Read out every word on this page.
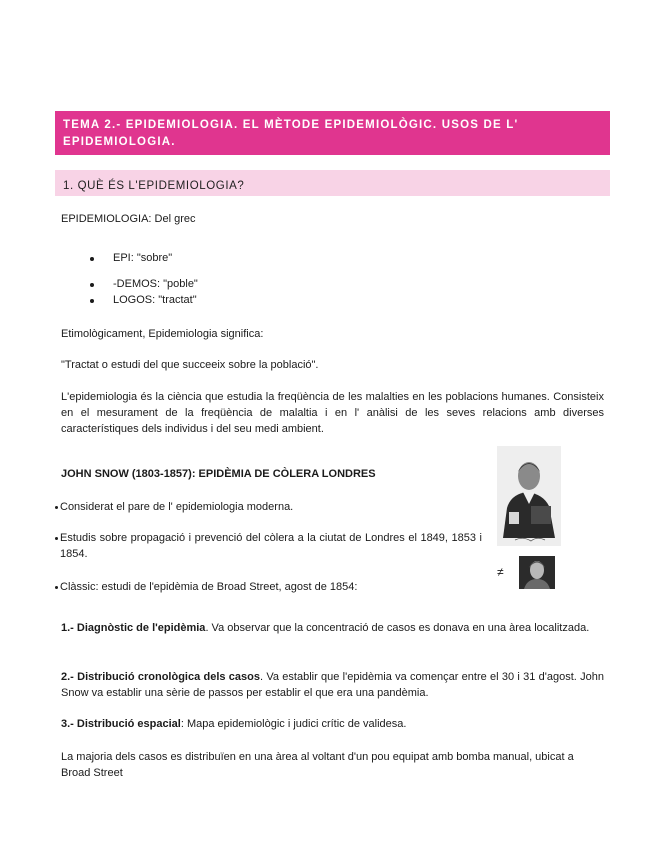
TEMA 2.- EPIDEMIOLOGIA. EL MÈTODE EPIDEMIOLÒGIC. USOS DE L'
EPIDEMIOLOGIA.
1. QUÈ ÉS L'EPIDEMIOLOGIA?
EPIDEMIOLOGIA: Del grec
EPI: "sobre"
-DEMOS: "poble"
LOGOS: "tractat"
Etimològicament, Epidemiologia significa:
"Tractat o estudi del que succeeix sobre la població".
L'epidemiologia és la ciència que estudia la freqüència de les malalties en les poblacions humanes. Consisteix en el mesurament de la freqüència de malaltia i en l' anàlisi de les seves relacions amb diverses característiques dels individus i del seu medi ambient.
JOHN SNOW (1803-1857): EPIDÈMIA DE CÒLERA LONDRES
Considerat el pare de l' epidemiologia moderna.
Estudis sobre propagació i prevenció del còlera a la ciutat de Londres el 1849, 1853 i 1854.
Clàssic: estudi de l'epidèmia de Broad Street, agost de 1854:
≠
1.- Diagnòstic de l'epidèmia. Va observar que la concentració de casos es donava en una àrea localitzada.
2.- Distribució cronològica dels casos. Va establir que l'epidèmia va començar entre el 30 i 31 d'agost. John Snow va establir una sèrie de passos per establir el que era una pandèmia.
3.- Distribució espacial: Mapa epidemiològic i judici crític de validesa.
La majoria dels casos es distribuïen en una àrea al voltant d'un pou equipat amb bomba manual, ubicat a Broad Street
